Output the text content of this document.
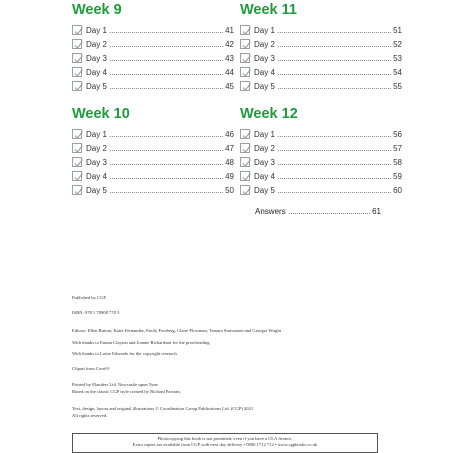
Week 9
Day 1	41
Day 2	42
Day 3	43
Day 4	44
Day 5	45
Week 11
Day 1	51
Day 2	52
Day 3	53
Day 4	54
Day 5	55
Week 10
Day 1	46
Day 2	47
Day 3	48
Day 4	49
Day 5	50
Week 12
Day 1	56
Day 2	57
Day 3	58
Day 4	59
Day 5	60
Answers	61
Published by CGP
ISBN: 978 1 78908 770 3
Editors: Ellen Burton, Katie Fernandez, Emily Forsberg, Claire Plowman, Tamara Sinivassen and Georgia Wright
With thanks to Emma Clayton and Joanne Richardson for the proofreading.
With thanks to Lottie Edwards for the copyright research.
Clipart from Corel®
Printed by Elanders Ltd, Newcastle upon Tyne.
Based on the classic CGP style created by Richard Parsons.
Text, design, layout and original illustrations © Coordination Group Publications Ltd. (CGP) 2021
All rights reserved.
Photocopying this book is not permitted, even if you have a CLA licence.
Extra copies are available from CGP with next day delivery • 0800 1712 712 • www.cgpbooks.co.uk
